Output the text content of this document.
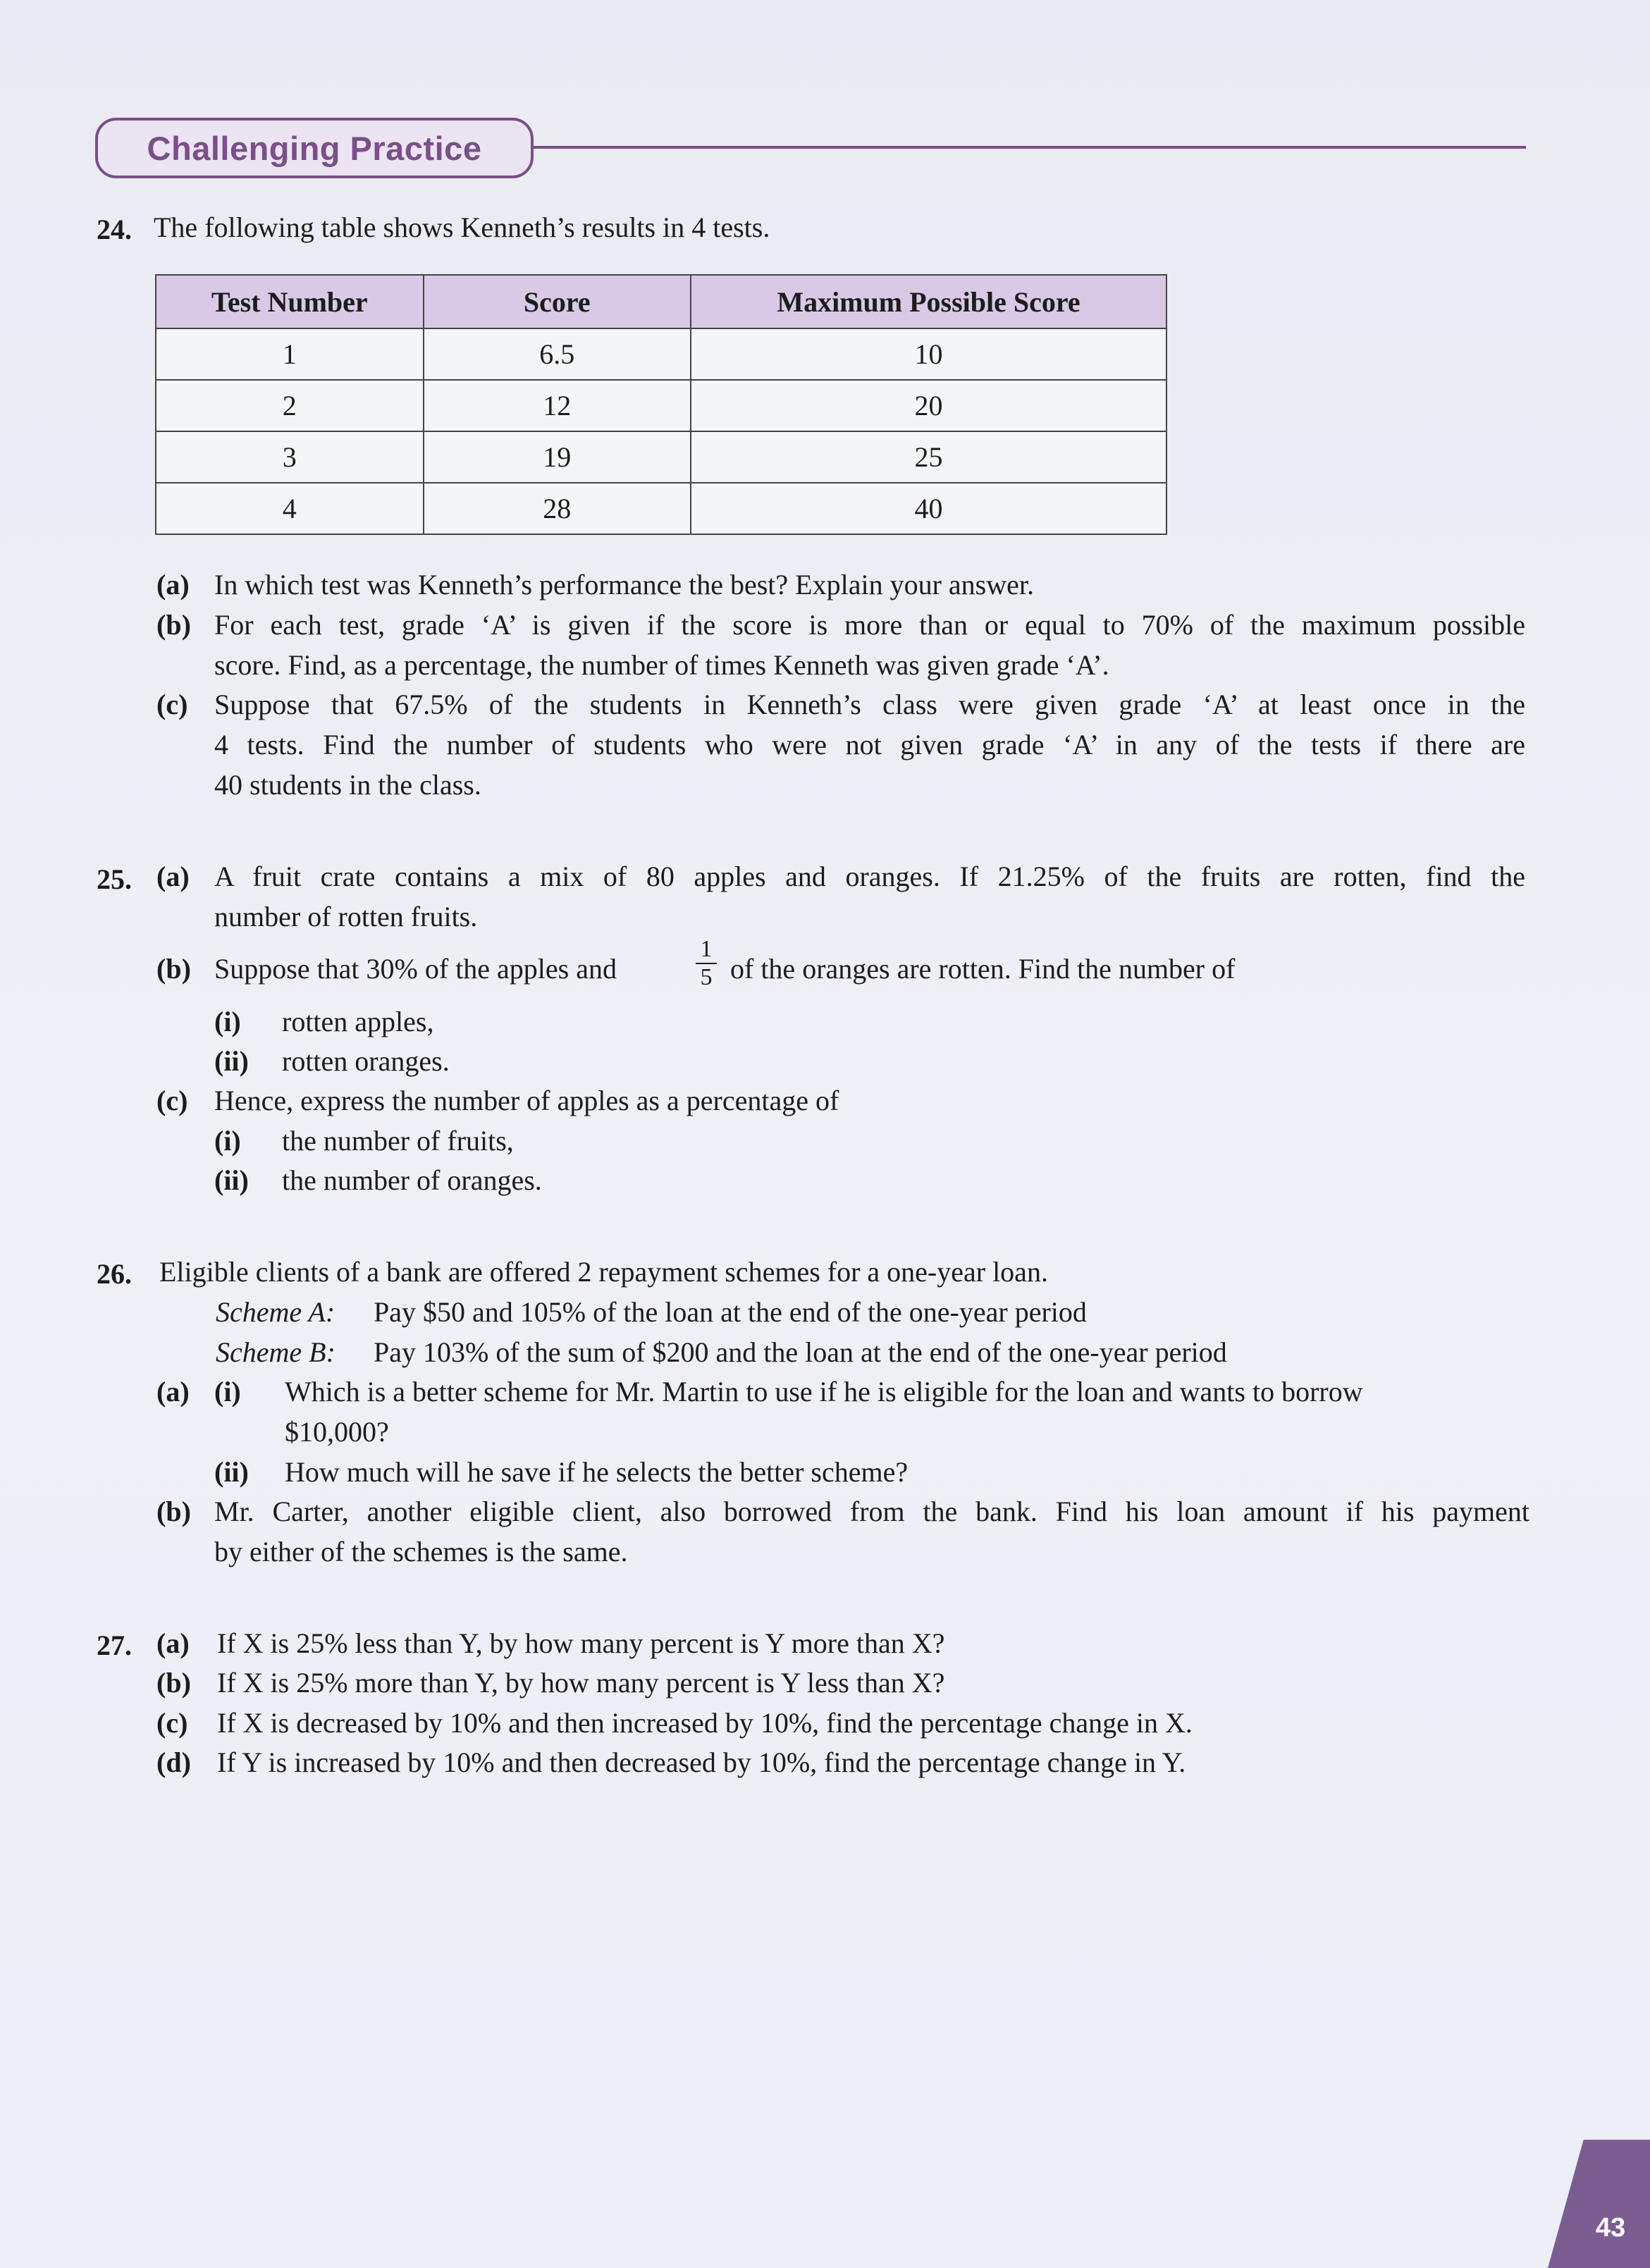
Challenging Practice
24. The following table shows Kenneth’s results in 4 tests.
Test Number	Score	Maximum Possible Score
1	6.5	10
2	12	20
3	19	25
4	28	40
(a) In which test was Kenneth’s performance the best? Explain your answer.
(b) For each test, grade ‘A’ is given if the score is more than or equal to 70% of the maximum possible
score. Find, as a percentage, the number of times Kenneth was given grade ‘A’.
(c) Suppose that 67.5% of the students in Kenneth’s class were given grade ‘A’ at least once in the
4 tests. Find the number of students who were not given grade ‘A’ in any of the tests if there are
40 students in the class.
25. (a) A fruit crate contains a mix of 80 apples and oranges. If 21.25% of the fruits are rotten, find the
number of rotten fruits.
(b) Suppose that 30% of the apples and
1
5 of the oranges are rotten. Find the number of
(i) rotten apples,
(ii) rotten oranges.
(c) Hence, express the number of apples as a percentage of
(i) the number of fruits,
(ii) the number of oranges.
26. Eligible clients of a bank are offered 2 repayment schemes for a one-year loan.
Scheme A: Pay $50 and 105% of the loan at the end of the one-year period
Scheme B: Pay 103% of the sum of $200 and the loan at the end of the one-year period
(a) (i) Which is a better scheme for Mr. Martin to use if he is eligible for the loan and wants to borrow
$10,000?
(ii) How much will he save if he selects the better scheme?
(b) Mr. Carter, another eligible client, also borrowed from the bank. Find his loan amount if his payment
by either of the schemes is the same.
27. (a) If X is 25% less than Y, by how many percent is Y more than X?
(b) If X is 25% more than Y, by how many percent is Y less than X?
(c) If X is decreased by 10% and then increased by 10%, find the percentage change in X.
(d) If Y is increased by 10% and then decreased by 10%, find the percentage change in Y.
43
